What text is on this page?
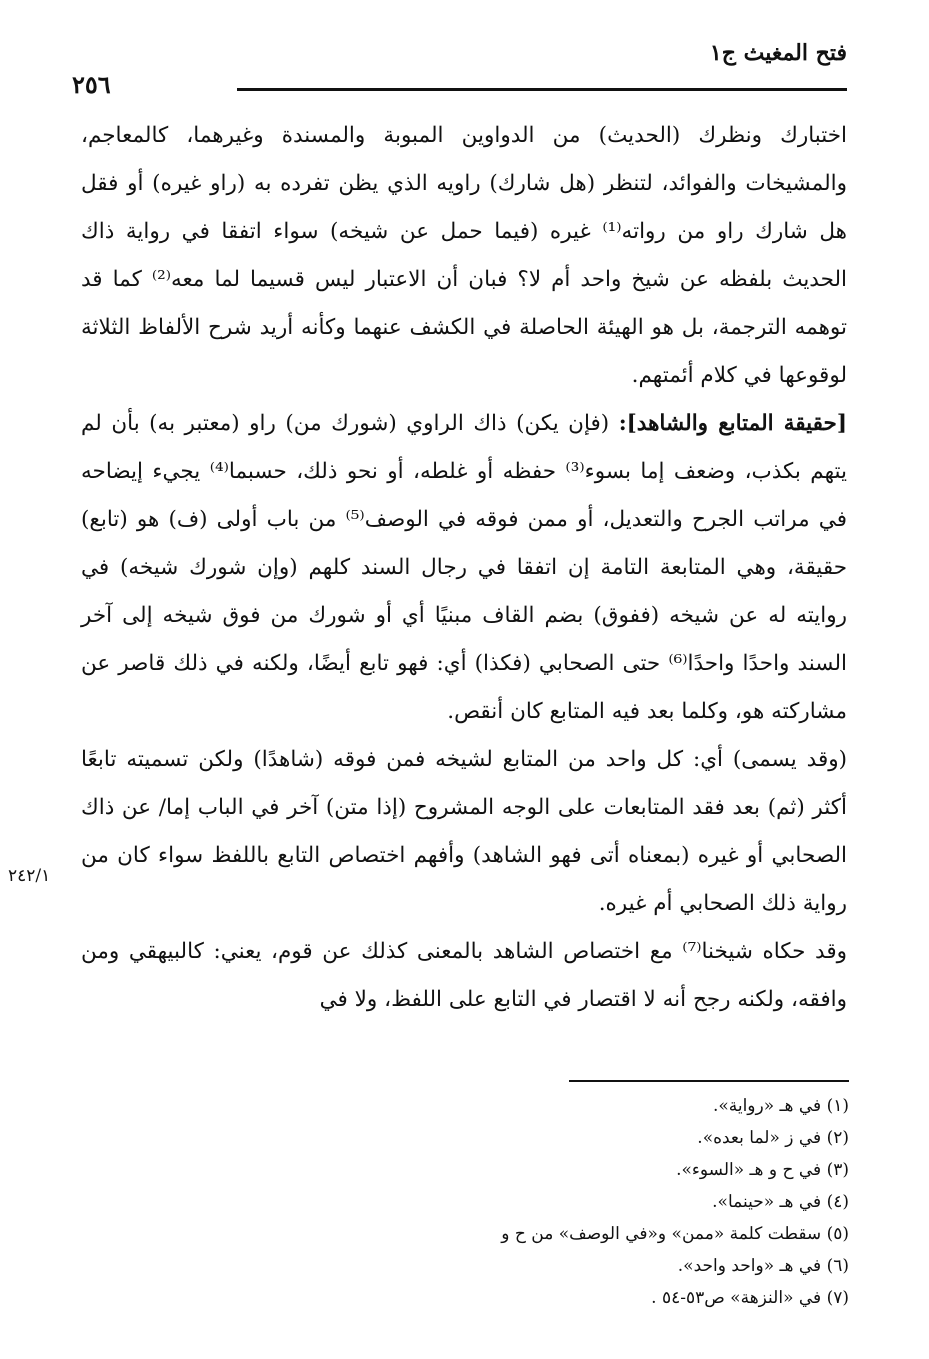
فتح المغيث ج١
٢٥٦

اختبارك ونظرك (الحديث) من الدواوين المبوبة والمسندة وغيرهما، كالمعاجم، والمشيخات والفوائد، لتنظر (هل شارك) راويه الذي يظن تفرده به (راو غيره) أو فقل هل شارك راو من رواته⁽¹⁾ غيره (فيما حمل عن شيخه) سواء اتفقا في رواية ذاك الحديث بلفظه عن شيخ واحد أم لا؟ فبان أن الاعتبار ليس قسيما لما معه⁽²⁾ كما قد توهمه الترجمة، بل هو الهيئة الحاصلة في الكشف عنهما وكأنه أريد شرح الألفاظ الثلاثة لوقوعها في كلام أئمتهم.

[حقيقة المتابع والشاهد]: (فإن يكن) ذاك الراوي (شورك من) راو (معتبر به) بأن لم يتهم بكذب، وضعف إما بسوء⁽³⁾ حفظه أو غلطه، أو نحو ذلك، حسبما⁽⁴⁾ يجيء إيضاحه في مراتب الجرح والتعديل، أو ممن فوقه في الوصف⁽⁵⁾ من باب أولى (ف) هو (تابع) حقيقة، وهي المتابعة التامة إن اتفقا في رجال السند كلهم (وإن شورك شيخه) في روايته له عن شيخه (ففوق) بضم القاف مبنيًا أي أو شورك من فوق شيخه إلى آخر السند واحدًا واحدًا⁽⁶⁾ حتى الصحابي (فكذا) أي: فهو تابع أيضًا، ولكنه في ذلك قاصر عن مشاركته هو، وكلما بعد فيه المتابع كان أنقص.

(وقد يسمى) أي: كل واحد من المتابع لشيخه فمن فوقه (شاهدًا) ولكن تسميته تابعًا أكثر (ثم) بعد فقد المتابعات على الوجه المشروح (إذا متن) آخر في الباب إما/ عن ذاك الصحابي أو غيره (بمعناه أتى فهو الشاهد) وأفهم اختصاص التابع باللفظ سواء كان من رواية ذلك الصحابي أم غيره.

وقد حكاه شيخنا⁽⁷⁾ مع اختصاص الشاهد بالمعنى كذلك عن قوم، يعني: كالبيهقي ومن وافقه، ولكنه رجح أنه لا اقتصار في التابع على اللفظ، ولا في

٢٤٢/١
(١) في هـ «رواية».
(٢) في ز «لما بعده».
(٣) في ح و هـ «السوء».
(٤) في هـ «حينما».
(٥) سقطت كلمة «ممن» و«في الوصف» من ح و
(٦) في هـ «واحد واحد».
(٧) في «النزهة» ص٥٣-٥٤ .
